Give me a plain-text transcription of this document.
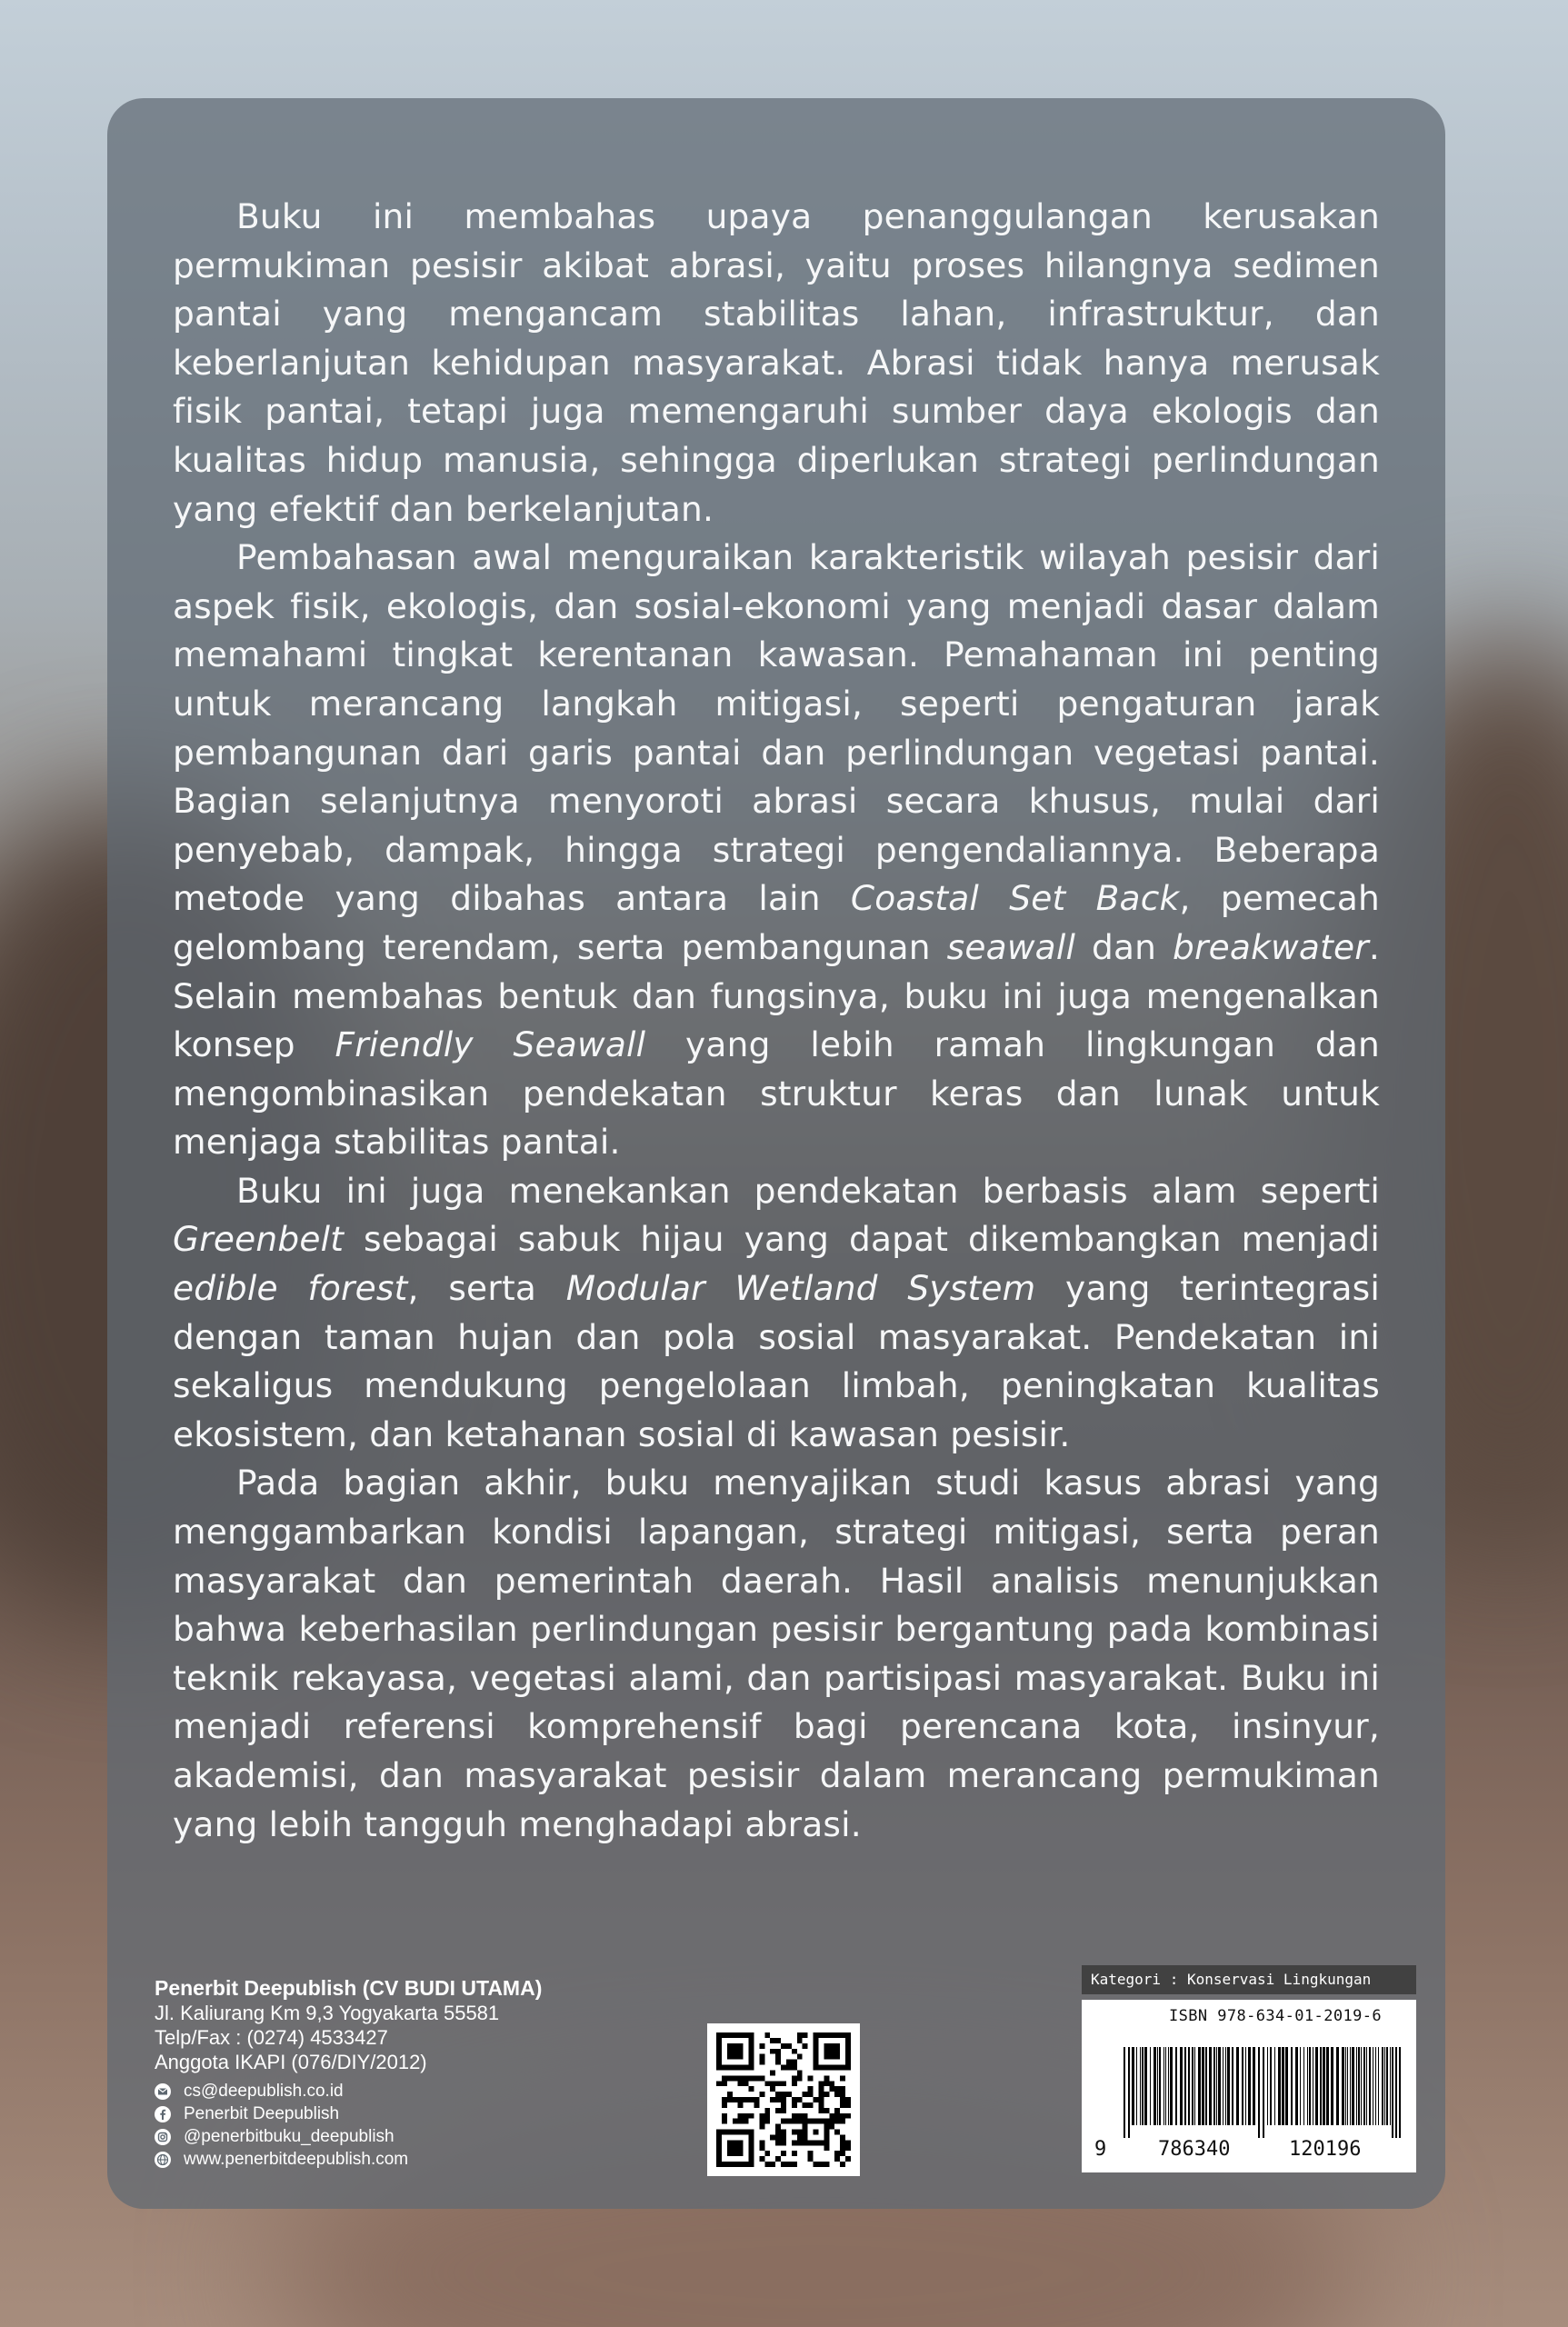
Buku ini membahas upaya penanggulangan kerusakan permukiman pesisir akibat abrasi, yaitu proses hilangnya sedimen pantai yang mengancam stabilitas lahan, infrastruktur, dan keberlanjutan kehidupan masyarakat. Abrasi tidak hanya merusak fisik pantai, tetapi juga memengaruhi sumber daya ekologis dan kualitas hidup manusia, sehingga diperlukan strategi perlindungan yang efektif dan berkelanjutan.

Pembahasan awal menguraikan karakteristik wilayah pesisir dari aspek fisik, ekologis, dan sosial-ekonomi yang menjadi dasar dalam memahami tingkat kerentanan kawasan. Pemahaman ini penting untuk merancang langkah mitigasi, seperti pengaturan jarak pembangunan dari garis pantai dan perlindungan vegetasi pantai. Bagian selanjutnya menyoroti abrasi secara khusus, mulai dari penyebab, dampak, hingga strategi pengendaliannya. Beberapa metode yang dibahas antara lain Coastal Set Back, pemecah gelombang terendam, serta pembangunan seawall dan breakwater. Selain membahas bentuk dan fungsinya, buku ini juga mengenalkan konsep Friendly Seawall yang lebih ramah lingkungan dan mengombinasikan pendekatan struktur keras dan lunak untuk menjaga stabilitas pantai.

Buku ini juga menekankan pendekatan berbasis alam seperti Greenbelt sebagai sabuk hijau yang dapat dikembangkan menjadi edible forest, serta Modular Wetland System yang terintegrasi dengan taman hujan dan pola sosial masyarakat. Pendekatan ini sekaligus mendukung pengelolaan limbah, peningkatan kualitas ekosistem, dan ketahanan sosial di kawasan pesisir.

Pada bagian akhir, buku menyajikan studi kasus abrasi yang menggambarkan kondisi lapangan, strategi mitigasi, serta peran masyarakat dan pemerintah daerah. Hasil analisis menunjukkan bahwa keberhasilan perlindungan pesisir bergantung pada kombinasi teknik rekayasa, vegetasi alami, dan partisipasi masyarakat. Buku ini menjadi referensi komprehensif bagi perencana kota, insinyur, akademisi, dan masyarakat pesisir dalam merancang permukiman yang lebih tangguh menghadapi abrasi.

Penerbit Deepublish (CV BUDI UTAMA)
Jl. Kaliurang Km 9,3 Yogyakarta 55581
Telp/Fax : (0274) 4533427
Anggota IKAPI (076/DIY/2012)
cs@deepublish.co.id
Penerbit Deepublish
@penerbitbuku_deepublish
www.penerbitdeepublish.com
Kategori : Konservasi Lingkungan
ISBN 978-634-01-2019-6
9	786340	120196
